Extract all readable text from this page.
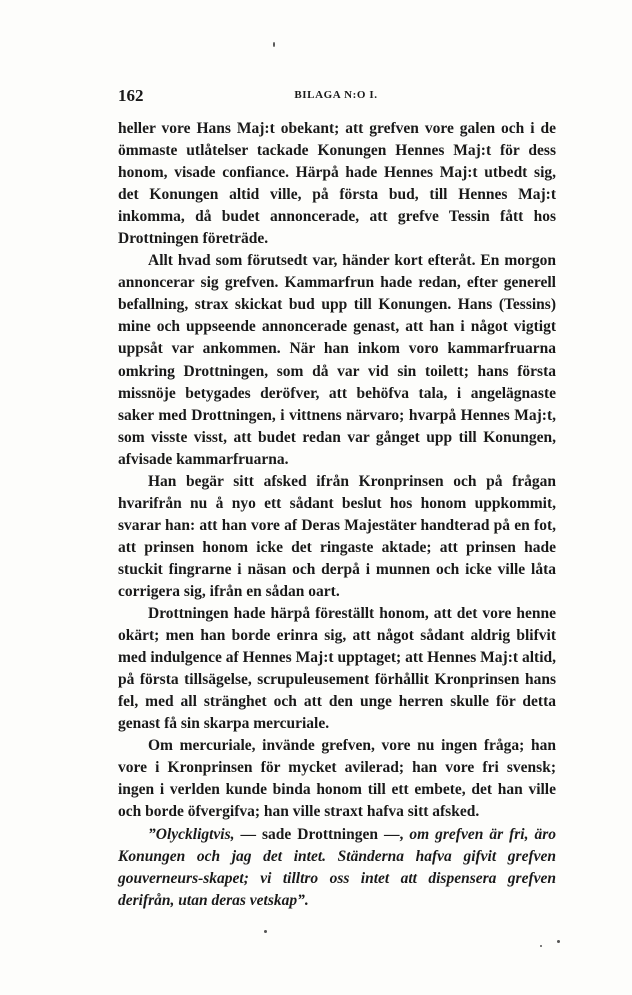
162	BILAGA N:O I.

heller vore Hans Maj:t obekant; att grefven vore galen och i de ömmaste utlåtelser tackade Konungen Hennes Maj:t för dess honom, visade confiance. Härpå hade Hennes Maj:t utbedt sig, det Konungen altid ville, på första bud, till Hennes Maj:t inkomma, då budet annoncerade, att grefve Tessin fått hos Drottningen företräde.

Allt hvad som förutsedt var, händer kort efteråt. En morgon annoncerar sig grefven. Kammarfrun hade redan, efter generell befallning, strax skickat bud upp till Konungen. Hans (Tessins) mine och uppseende annoncerade genast, att han i något vigtigt uppsåt var ankommen. När han inkom voro kammarfruarna omkring Drottningen, som då var vid sin toilett; hans första missnöje betygades deröfver, att behöfva tala, i angelägnaste saker med Drottningen, i vittnens närvaro; hvarpå Hennes Maj:t, som visste visst, att budet redan var gånget upp till Konungen, afvisade kammarfruarna.

Han begär sitt afsked ifrån Kronprinsen och på frågan hvarifrån nu å nyo ett sådant beslut hos honom uppkommit, svarar han: att han vore af Deras Majestäter handterad på en fot, att prinsen honom icke det ringaste aktade; att prinsen hade stuckit fingrarne i näsan och derpå i munnen och icke ville låta corrigera sig, ifrån en sådan oart.

Drottningen hade härpå föreställt honom, att det vore henne okärt; men han borde erinra sig, att något sådant aldrig blifvit med indulgence af Hennes Maj:t upptaget; att Hennes Maj:t altid, på första tillsägelse, scrupuleusement förhållit Kronprinsen hans fel, med all stränghet och att den unge herren skulle för detta genast få sin skarpa mercuriale.

Om mercuriale, invände grefven, vore nu ingen fråga; han vore i Kronprinsen för mycket avilerad; han vore fri svensk; ingen i verlden kunde binda honom till ett embete, det han ville och borde öfvergifva; han ville straxt hafva sitt afsked.

”Olyckligtvis, — sade Drottningen —, om grefven är fri, äro Konungen och jag det intet. Ständerna hafva gifvit grefven gouverneurs-skapet; vi tilltro oss intet att dispensera grefven derifrån, utan deras vetskap”.
